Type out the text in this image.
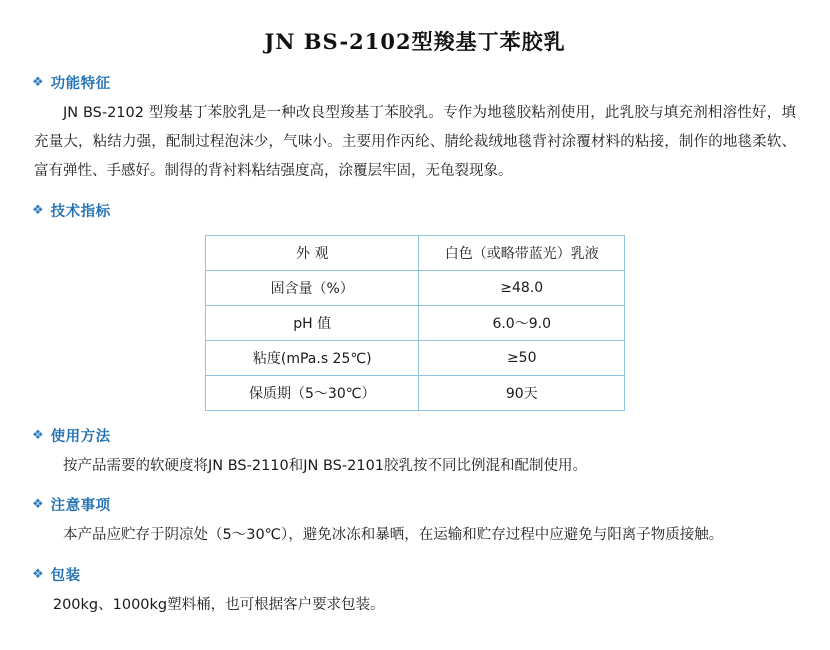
JN BS-2102型羧基丁苯胶乳
❖ 功能特征
JN BS-2102 型羧基丁苯胶乳是一种改良型羧基丁苯胶乳。专作为地毯胶粘剂使用，此乳胶与填充剂相溶性好，填充量大，粘结力强，配制过程泡沫少，气味小。主要用作丙纶、腈纶裁绒地毯背衬涂覆材料的粘接，制作的地毯柔软、富有弹性、手感好。制得的背衬料粘结强度高，涂覆层牢固，无龟裂现象。
❖ 技术指标
外 观	白色（或略带蓝光）乳液
固含量（%）	≥48.0
pH 值	6.0～9.0
粘度(mPa.s 25℃)	≥50
保质期（5～30℃）	90天
❖ 使用方法
按产品需要的软硬度将JN BS-2110和JN BS-2101胶乳按不同比例混和配制使用。
❖ 注意事项
本产品应贮存于阴凉处（5～30℃），避免冰冻和暴晒，在运输和贮存过程中应避免与阳离子物质接触。
❖ 包装
200kg、1000kg塑料桶，也可根据客户要求包装。
